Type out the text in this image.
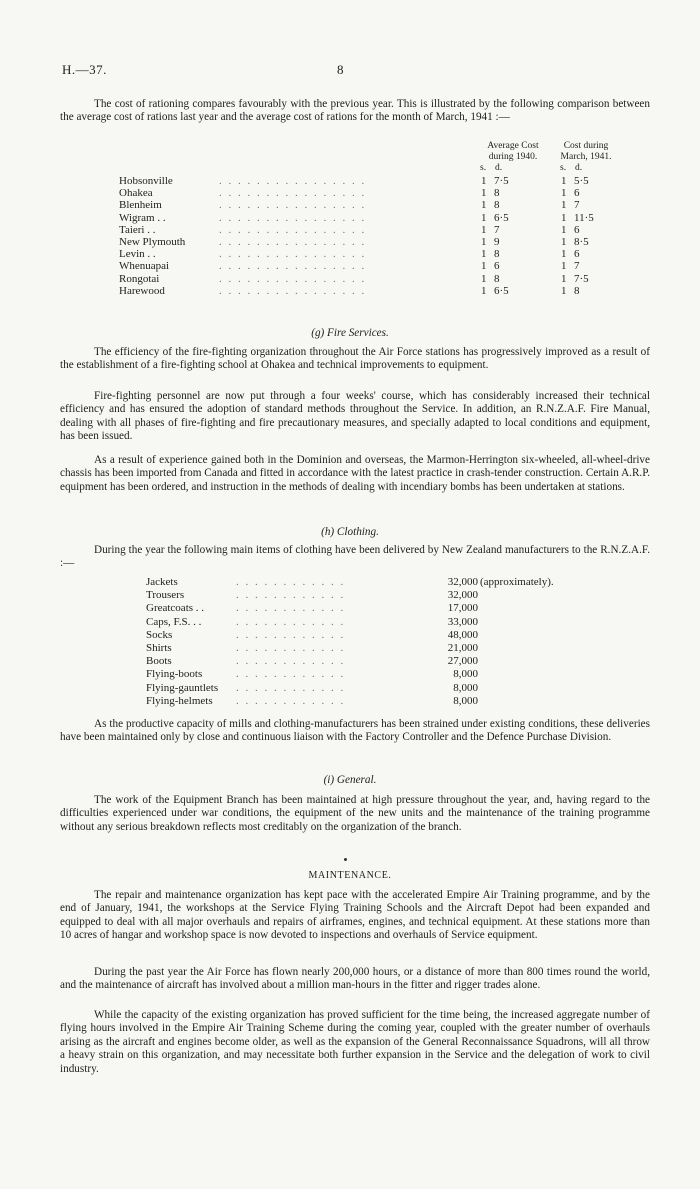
H.—37.	8

The cost of rationing compares favourably with the previous year. This is illustrated by the following comparison between the average cost of rations last year and the average cost of rations for the month of March, 1941 :—

Average Cost during 1940.
Cost during March, 1941.
s. d.	s. d.
Hobsonville	1 7·5	1 5·5
. . . . . . . . . . . . . . . .
Ohakea	1 8	1 6
. . . . . . . . . . . . . . . .
Blenheim	1 8	1 7
. . . . . . . . . . . . . . . .
Wigram . .	1 6·5	1 11·5
. . . . . . . . . . . . . . . .
Taieri . .	1 7	1 6
. . . . . . . . . . . . . . . .
New Plymouth	1 9	1 8·5
. . . . . . . . . . . . . . . .
Levin . .	1 8	1 6
. . . . . . . . . . . . . . . .
Whenuapai	1 6	1 7
. . . . . . . . . . . . . . . .
Rongotai	1 8	1 7·5
. . . . . . . . . . . . . . . .
Harewood	1 6·5	1 8
. . . . . . . . . . . . . . . .
(g) Fire Services.

The efficiency of the fire-fighting organization throughout the Air Force stations has progressively improved as a result of the establishment of a fire-fighting school at Ohakea and technical improvements to equipment.

Fire-fighting personnel are now put through a four weeks' course, which has considerably increased their technical efficiency and has ensured the adoption of standard methods throughout the Service. In addition, an R.N.Z.A.F. Fire Manual, dealing with all phases of fire-fighting and fire precautionary measures, and specially adapted to local conditions and equipment, has been issued.

As a result of experience gained both in the Dominion and overseas, the Marmon-Herrington six-wheeled, all-wheel-drive chassis has been imported from Canada and fitted in accordance with the latest practice in crash-tender construction. Certain A.R.P. equipment has been ordered, and instruction in the methods of dealing with incendiary bombs has been undertaken at stations.

(h) Clothing.

During the year the following main items of clothing have been delivered by New Zealand manufacturers to the R.N.Z.A.F. :—

Jackets	32,000 (approximately).
. . . . . . . . . . . .
Trousers	32,000
. . . . . . . . . . . .
Greatcoats . .	17,000
. . . . . . . . . . . .
Caps, F.S. . .	33,000
. . . . . . . . . . . .
Socks	48,000
. . . . . . . . . . . .
Shirts	21,000
. . . . . . . . . . . .
Boots	27,000
. . . . . . . . . . . .
Flying-boots	8,000
. . . . . . . . . . . .
Flying-gauntlets	8,000
. . . . . . . . . . . .
Flying-helmets	8,000
. . . . . . . . . . . .

As the productive capacity of mills and clothing-manufacturers has been strained under existing conditions, these deliveries have been maintained only by close and continuous liaison with the Factory Controller and the Defence Purchase Division.

(i) General.

The work of the Equipment Branch has been maintained at high pressure throughout the year, and, having regard to the difficulties experienced under war conditions, the equipment of the new units and the maintenance of the training programme without any serious breakdown reflects most creditably on the organization of the branch.

MAINTENANCE.

The repair and maintenance organization has kept pace with the accelerated Empire Air Training programme, and by the end of January, 1941, the workshops at the Service Flying Training Schools and the Aircraft Depot had been expanded and equipped to deal with all major overhauls and repairs of airframes, engines, and technical equipment. At these stations more than 10 acres of hangar and workshop space is now devoted to inspections and overhauls of Service equipment.

During the past year the Air Force has flown nearly 200,000 hours, or a distance of more than 800 times round the world, and the maintenance of aircraft has involved about a million man-hours in the fitter and rigger trades alone.

While the capacity of the existing organization has proved sufficient for the time being, the increased aggregate number of flying hours involved in the Empire Air Training Scheme during the coming year, coupled with the greater number of overhauls arising as the aircraft and engines become older, as well as the expansion of the General Reconnaissance Squadrons, will all throw a heavy strain on this organization, and may necessitate both further expansion in the Service and the delegation of work to civil industry.
